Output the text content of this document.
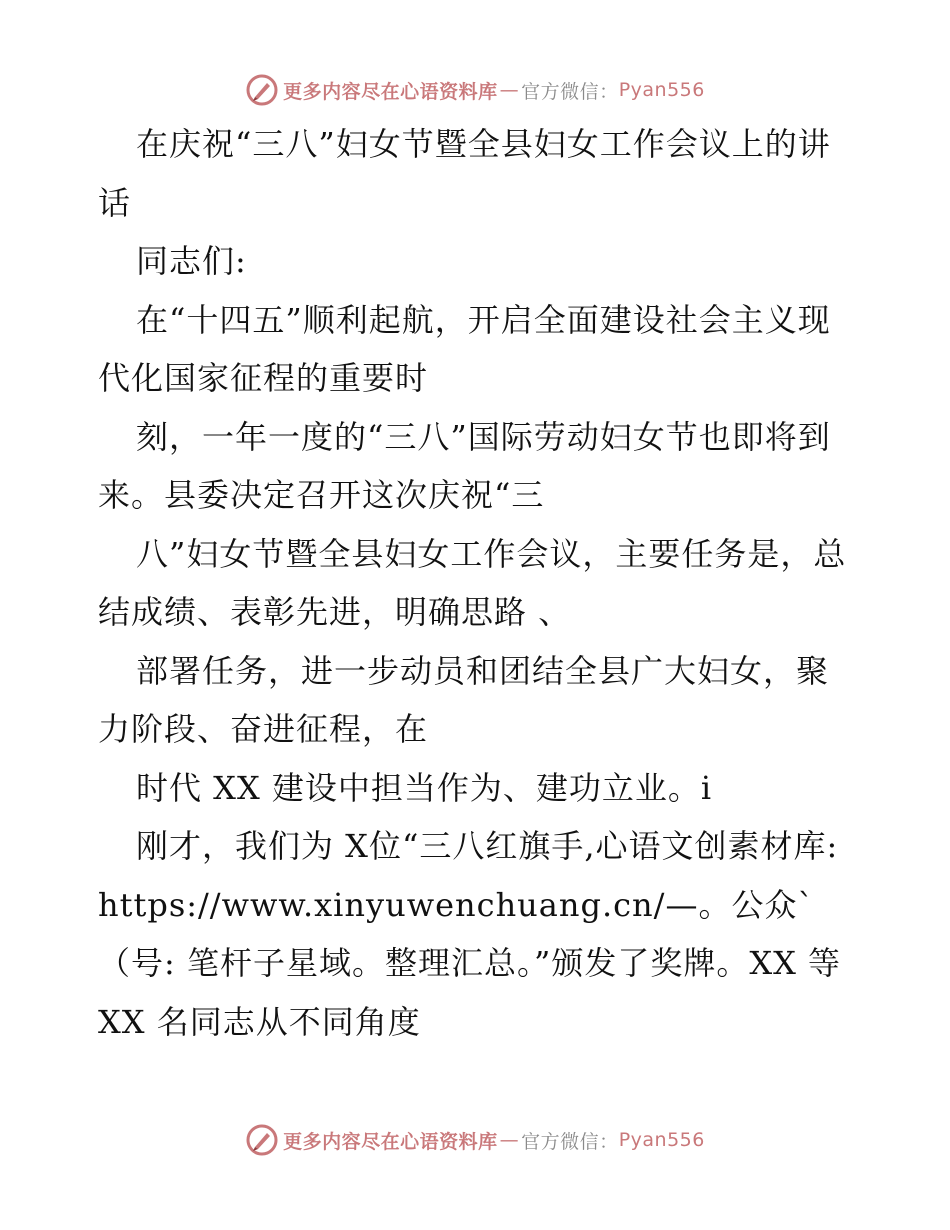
更多内容尽在心语资料库 — 官方微信： Pyan556

在庆祝“三八”妇女节暨全县妇女工作会议上的讲话

同志们:

在“十四五”顺利起航，开启全面建设社会主义现代化国家征程的重要时

刻，一年一度的“三八”国际劳动妇女节也即将到来。县委决定召开这次庆祝“三

八”妇女节暨全县妇女工作会议，主要任务是，总结成绩、表彰先进，明确思路 、

部署任务，进一步动员和团结全县广大妇女，聚力阶段、奋进征程，在

时代 XX 建设中担当作为、建功立业。i

刚才，我们为 X位“三八红旗手,心语文创素材库: https://www.xinyuwenchuang.cn/—。公众`（号: 笔杆子星域。整理汇总。”颁发了奖牌。XX 等XX 名同志从不同角度

更多内容尽在心语资料库 — 官方微信： Pyan556
